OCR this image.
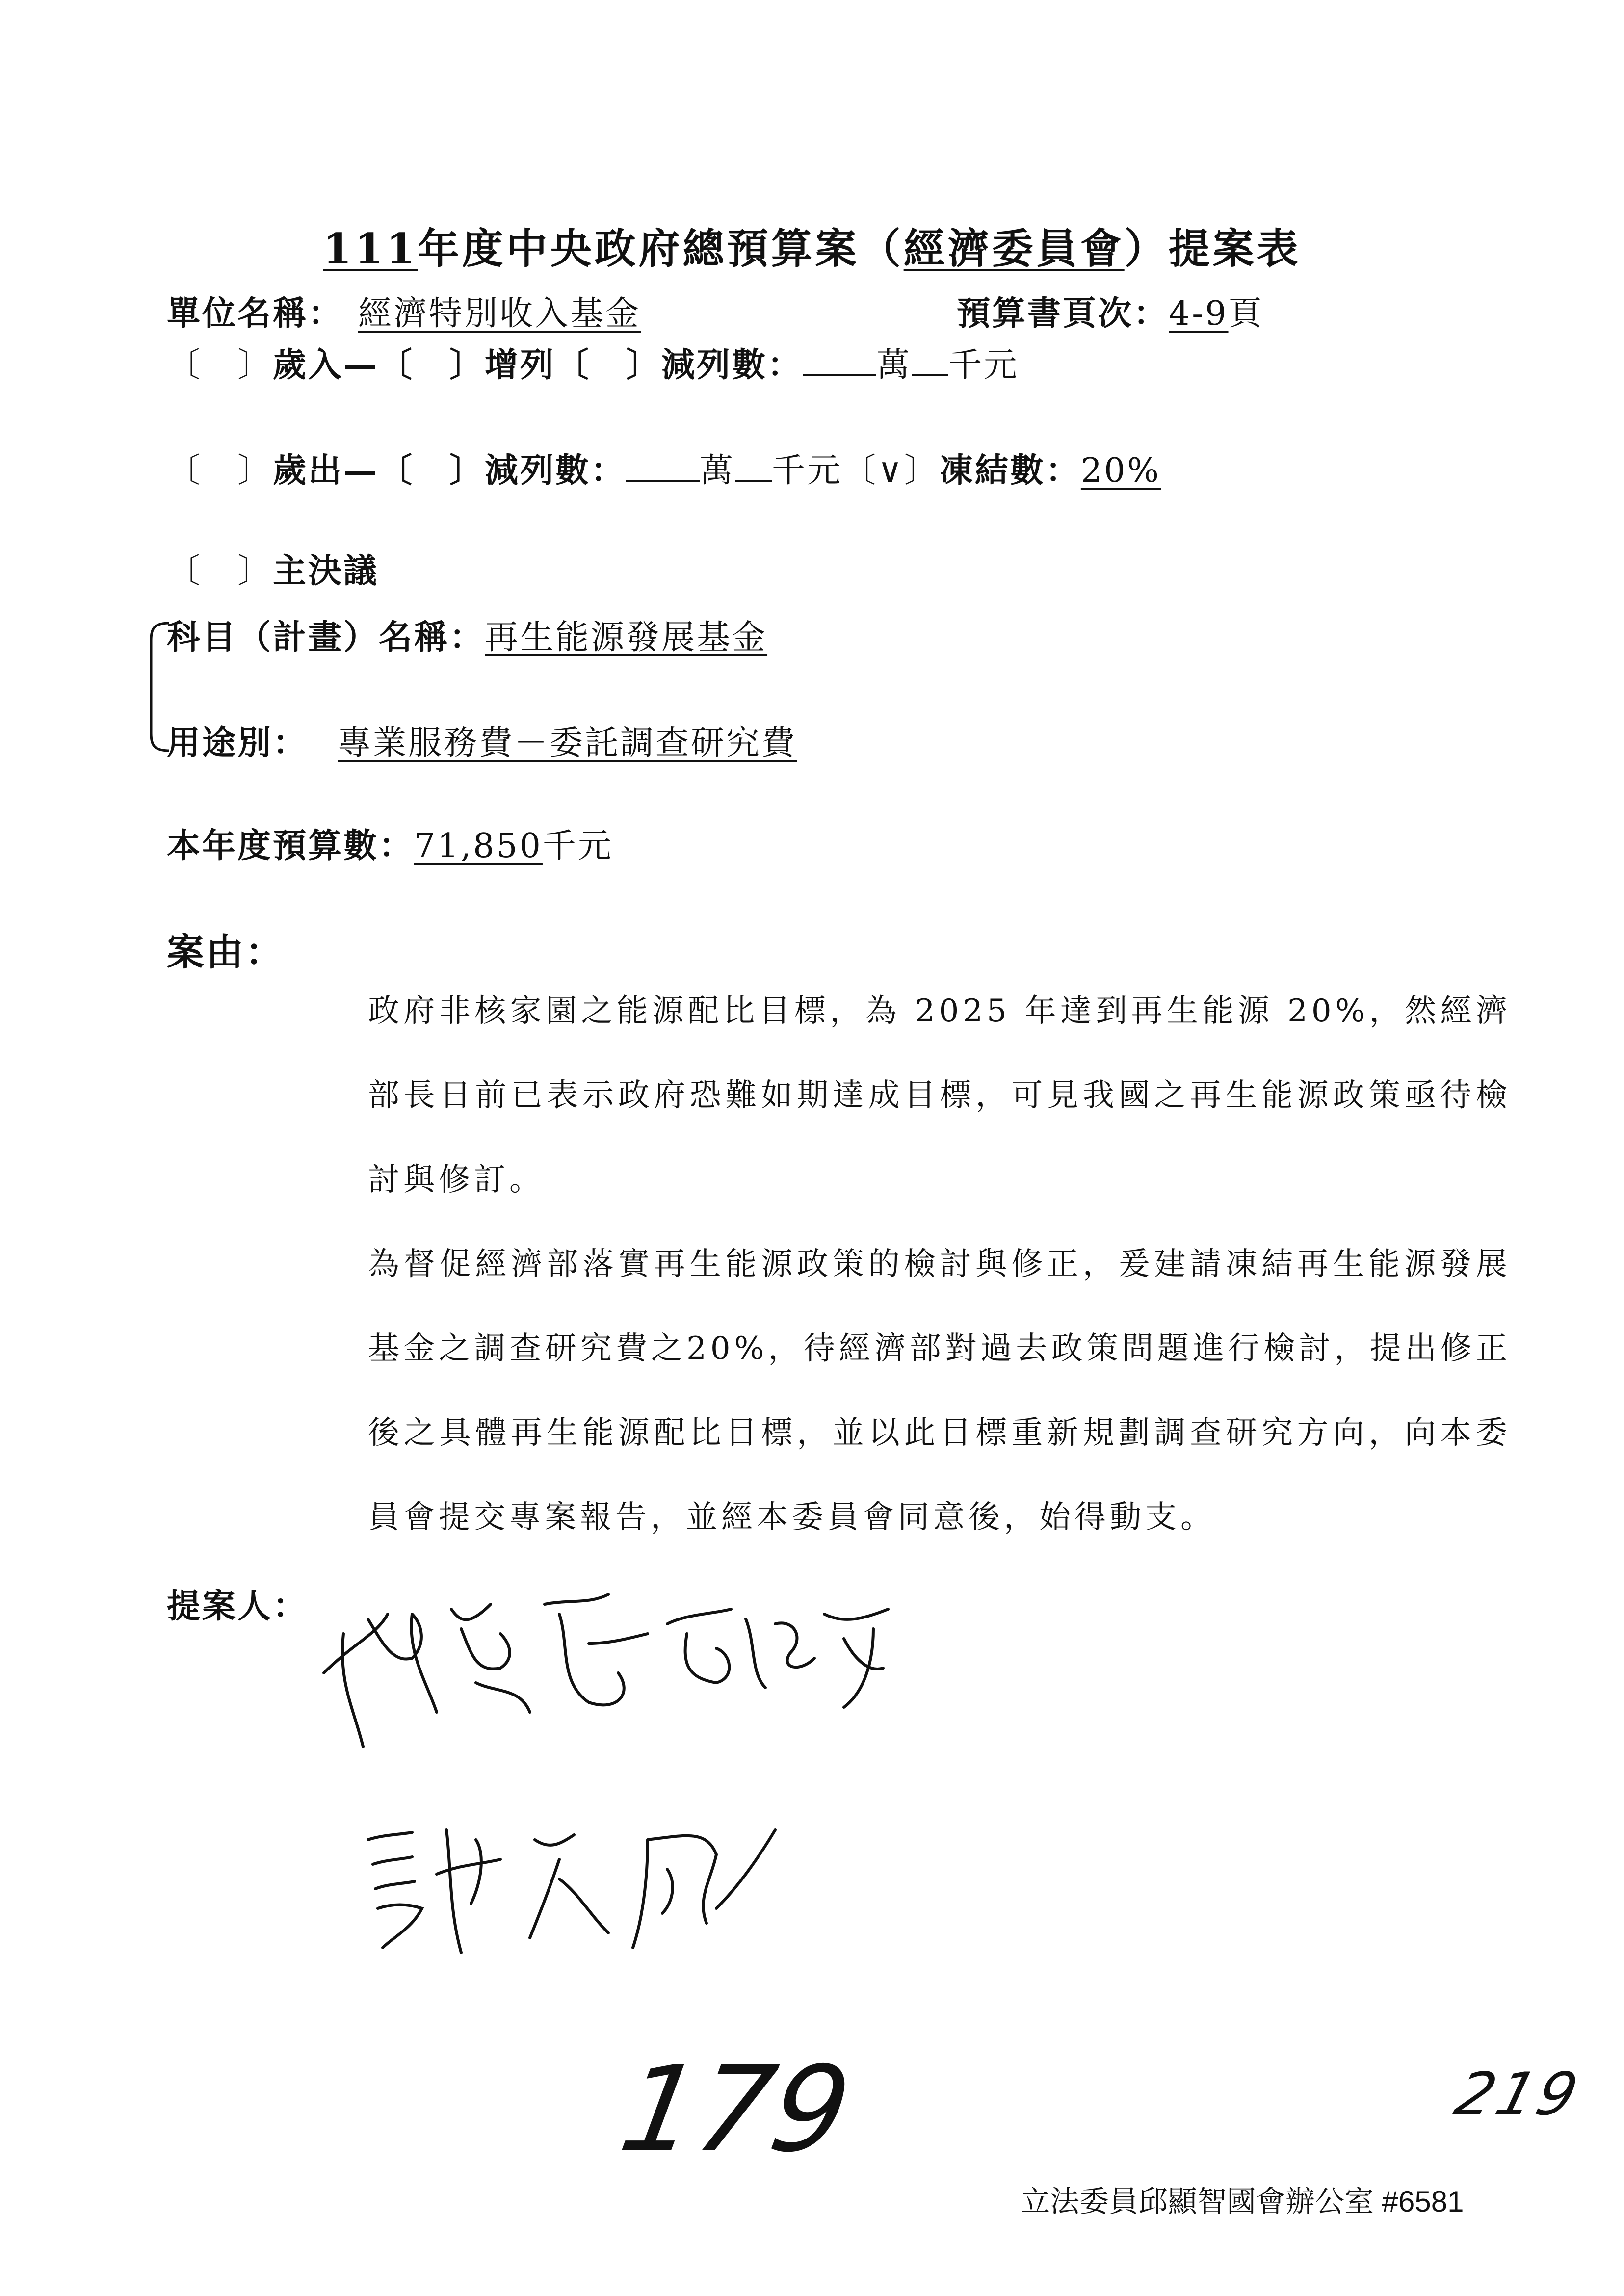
111年度中央政府總預算案（經濟委員會）提案表
單位名稱： 經濟特別收入基金	預算書頁次：4-9頁
〔　〕歲入—〔　〕增列〔　〕減列數： 萬 千元
〔　〕歲出—〔　〕減列數： 萬 千元〔∨〕凍結數：20%
〔　〕主決議
科目（計畫）名稱：再生能源發展基金
用途別： 專業服務費－委託調查研究費
本年度預算數：71,850千元
案由：

政府非核家園之能源配比目標，為 2025 年達到再生能源 20%，然經濟部長日前已表示政府恐難如期達成目標，可見我國之再生能源政策亟待檢討與修訂。

為督促經濟部落實再生能源政策的檢討與修正，爰建請凍結再生能源發展基金之調查研究費之20%，待經濟部對過去政策問題進行檢討，提出修正後之具體再生能源配比目標，並以此目標重新規劃調查研究方向，向本委員會提交專案報告，並經本委員會同意後，始得動支。

提案人：
179	219
立法委員邱顯智國會辦公室 #6581
